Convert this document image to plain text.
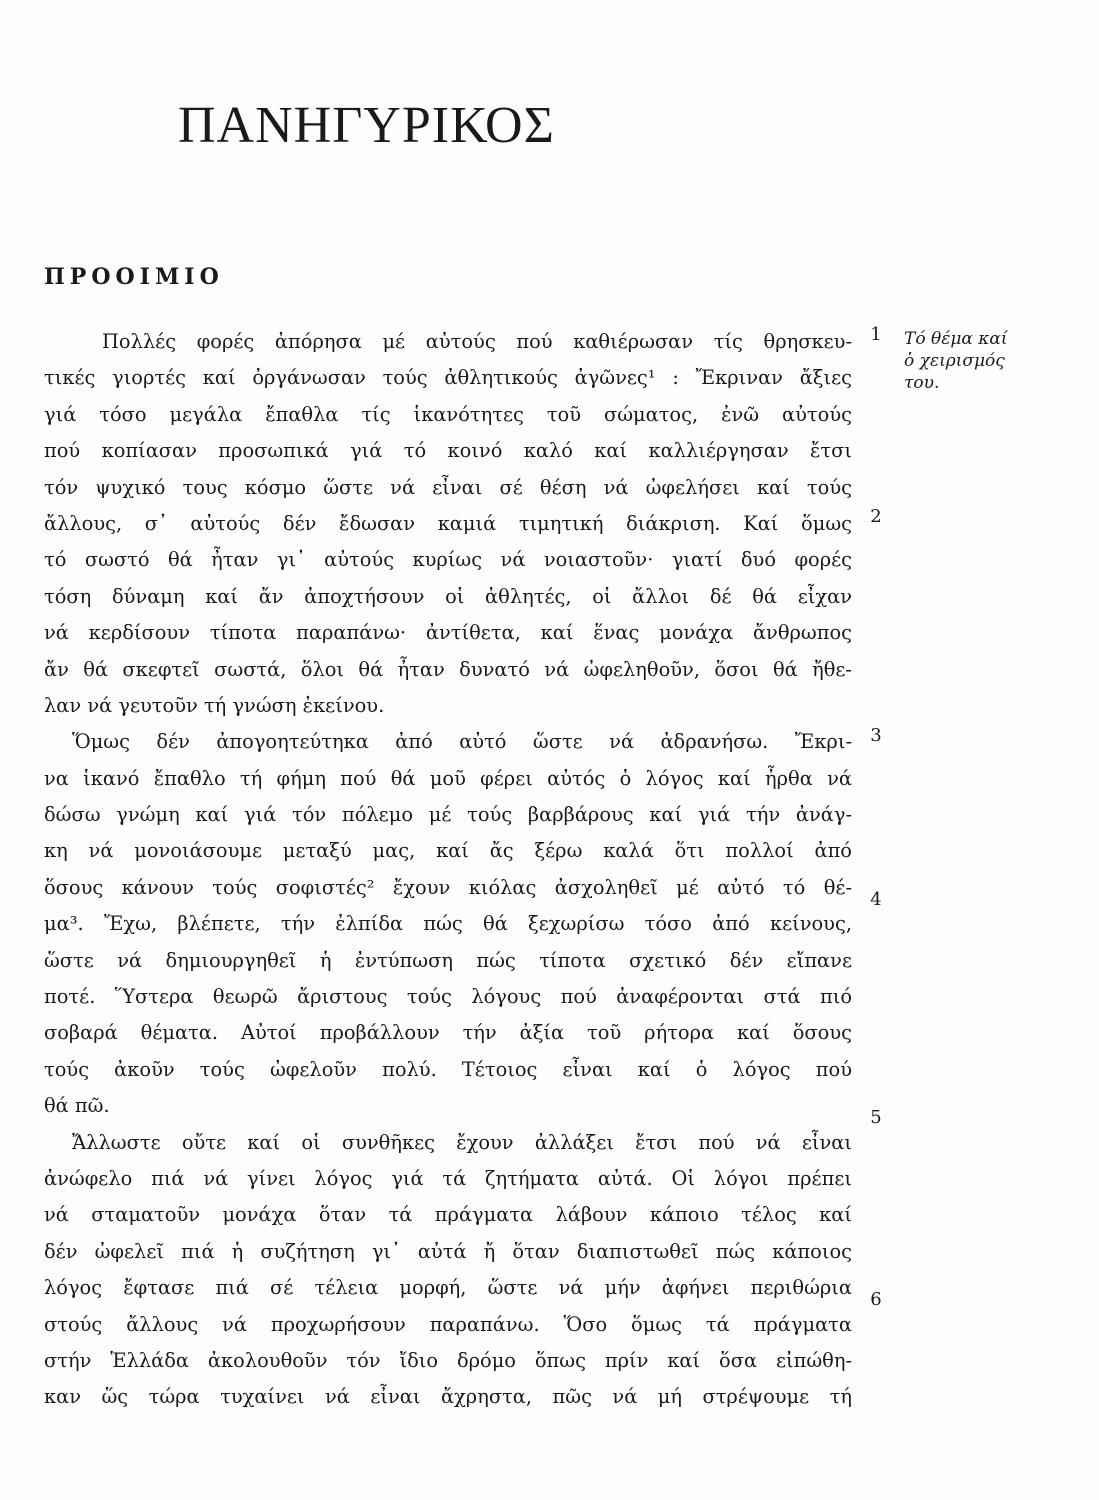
ΠΑΝΗΓΥΡΙΚΟΣ
ΠΡΟΟΙΜΙΟ
Πολλές φορές ἀπόρησα μέ αὐτούς πού καθιέρωσαν τίς θρησκευ-
τικές γιορτές καί ὀργάνωσαν τούς ἀθλητικούς ἀγῶνες¹ : Ἔκριναν ἄξιες
γιά τόσο μεγάλα ἔπαθλα τίς ἱκανότητες τοῦ σώματος, ἐνῶ αὐτούς
πού κοπίασαν προσωπικά γιά τό κοινό καλό καί καλλιέργησαν ἔτσι
τόν ψυχικό τους κόσμο ὥστε νά εἶναι σέ θέση νά ὠφελήσει καί τούς
ἄλλους, σ᾽ αὐτούς δέν ἔδωσαν καμιά τιμητική διάκριση. Καί ὅμως
τό σωστό θά ἦταν γι᾽ αὐτούς κυρίως νά νοιαστοῦν· γιατί δυό φορές
τόση δύναμη καί ἄν ἀποχτήσουν οἱ ἀθλητές, οἱ ἄλλοι δέ θά εἶχαν
νά κερδίσουν τίποτα παραπάνω· ἀντίθετα, καί ἕνας μονάχα ἄνθρωπος
ἄν θά σκεφτεῖ σωστά, ὅλοι θά ἦταν δυνατό νά ὠφεληθοῦν, ὅσοι θά ἤθε-
λαν νά γευτοῦν τή γνώση ἐκείνου.
Ὅμως δέν ἀπογοητεύτηκα ἀπό αὐτό ὥστε νά ἀδρανήσω. Ἔκρι-
να ἱκανό ἔπαθλο τή φήμη πού θά μοῦ φέρει αὐτός ὁ λόγος καί ἦρθα νά
δώσω γνώμη καί γιά τόν πόλεμο μέ τούς βαρβάρους καί γιά τήν ἀνάγ-
κη νά μονοιάσουμε μεταξύ μας, καί ἄς ξέρω καλά ὅτι πολλοί ἀπό
ὅσους κάνουν τούς σοφιστές² ἔχουν κιόλας ἀσχοληθεῖ μέ αὐτό τό θέ-
μα³. Ἔχω, βλέπετε, τήν ἐλπίδα πώς θά ξεχωρίσω τόσο ἀπό κείνους,
ὥστε νά δημιουργηθεῖ ἡ ἐντύπωση πώς τίποτα σχετικό δέν εἴπανε
ποτέ. Ὕστερα θεωρῶ ἄριστους τούς λόγους πού ἀναφέρονται στά πιό
σοβαρά θέματα. Αὐτοί προβάλλουν τήν ἀξία τοῦ ρήτορα καί ὅσους
τούς ἀκοῦν τούς ὠφελοῦν πολύ. Τέτοιος εἶναι καί ὁ λόγος πού
θά πῶ.
Ἄλλωστε οὔτε καί οἱ συνθῆκες ἔχουν ἀλλάξει ἔτσι πού νά εἶναι
ἀνώφελο πιά νά γίνει λόγος γιά τά ζητήματα αὐτά. Οἱ λόγοι πρέπει
νά σταματοῦν μονάχα ὅταν τά πράγματα λάβουν κάποιο τέλος καί
δέν ὠφελεῖ πιά ἡ συζήτηση γι᾽ αὐτά ἤ ὅταν διαπιστωθεῖ πώς κάποιος
λόγος ἔφτασε πιά σέ τέλεια μορφή, ὥστε νά μήν ἀφήνει περιθώρια
στούς ἄλλους νά προχωρήσουν παραπάνω. Ὅσο ὅμως τά πράγματα
στήν Ἑλλάδα ἀκολουθοῦν τόν ἴδιο δρόμο ὅπως πρίν καί ὅσα εἰπώθη-
καν ὥς τώρα τυχαίνει νά εἶναι ἄχρηστα, πῶς νά μή στρέψουμε τή
1
2
3
4
5
6
Τό θέμα καί
ὁ χειρισμός
του.
